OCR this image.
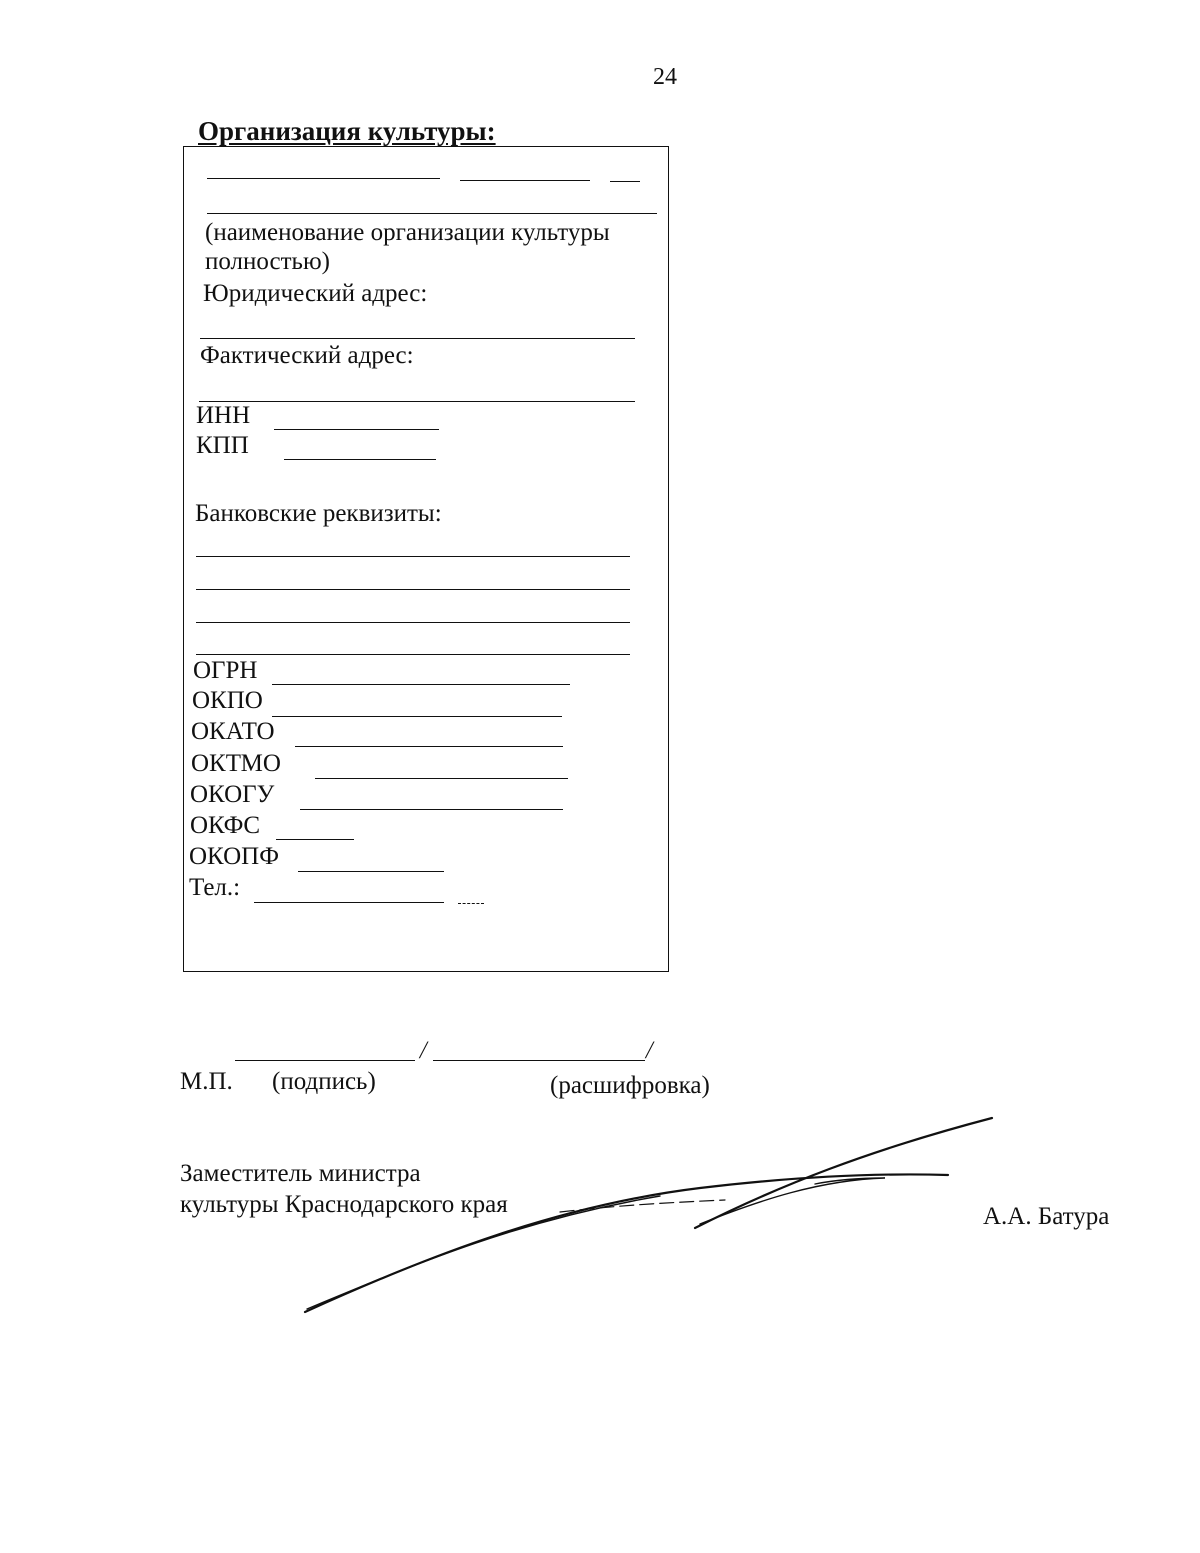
24
Организация культуры:
(наименование организации культуры
полностью)
Юридический адрес:
Фактический адрес:
ИНН
КПП
Банковские реквизиты:
ОГРН
ОКПО
ОКАТО
ОКТМО
ОКОГУ
ОКФС
ОКОПФ
Тел.:
/	/
М.П. (подпись)	(расшифровка)
Заместитель министра
культуры Краснодарского края	А.А. Батура
